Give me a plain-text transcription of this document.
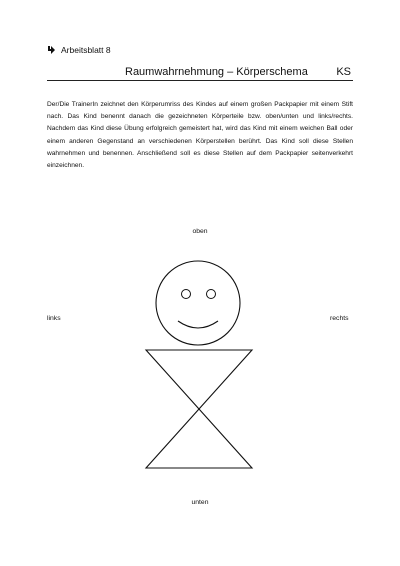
Arbeitsblatt 8
Raumwahrnehmung – Körperschema	KS

Der/Die TrainerIn zeichnet den Körperumriss des Kindes auf einem großen Packpapier mit einem Stift nach. Das Kind benennt danach die gezeichneten Körperteile bzw. oben/unten und links/rechts. Nachdem das Kind diese Übung erfolgreich gemeistert hat, wird das Kind mit einem weichen Ball oder einem anderen Gegenstand an verschiedenen Körperstellen berührt. Das Kind soll diese Stellen wahrnehmen und benennen. Anschließend soll es diese Stellen auf dem Packpapier seitenverkehrt einzeichnen.

oben
links	rechts
unten
